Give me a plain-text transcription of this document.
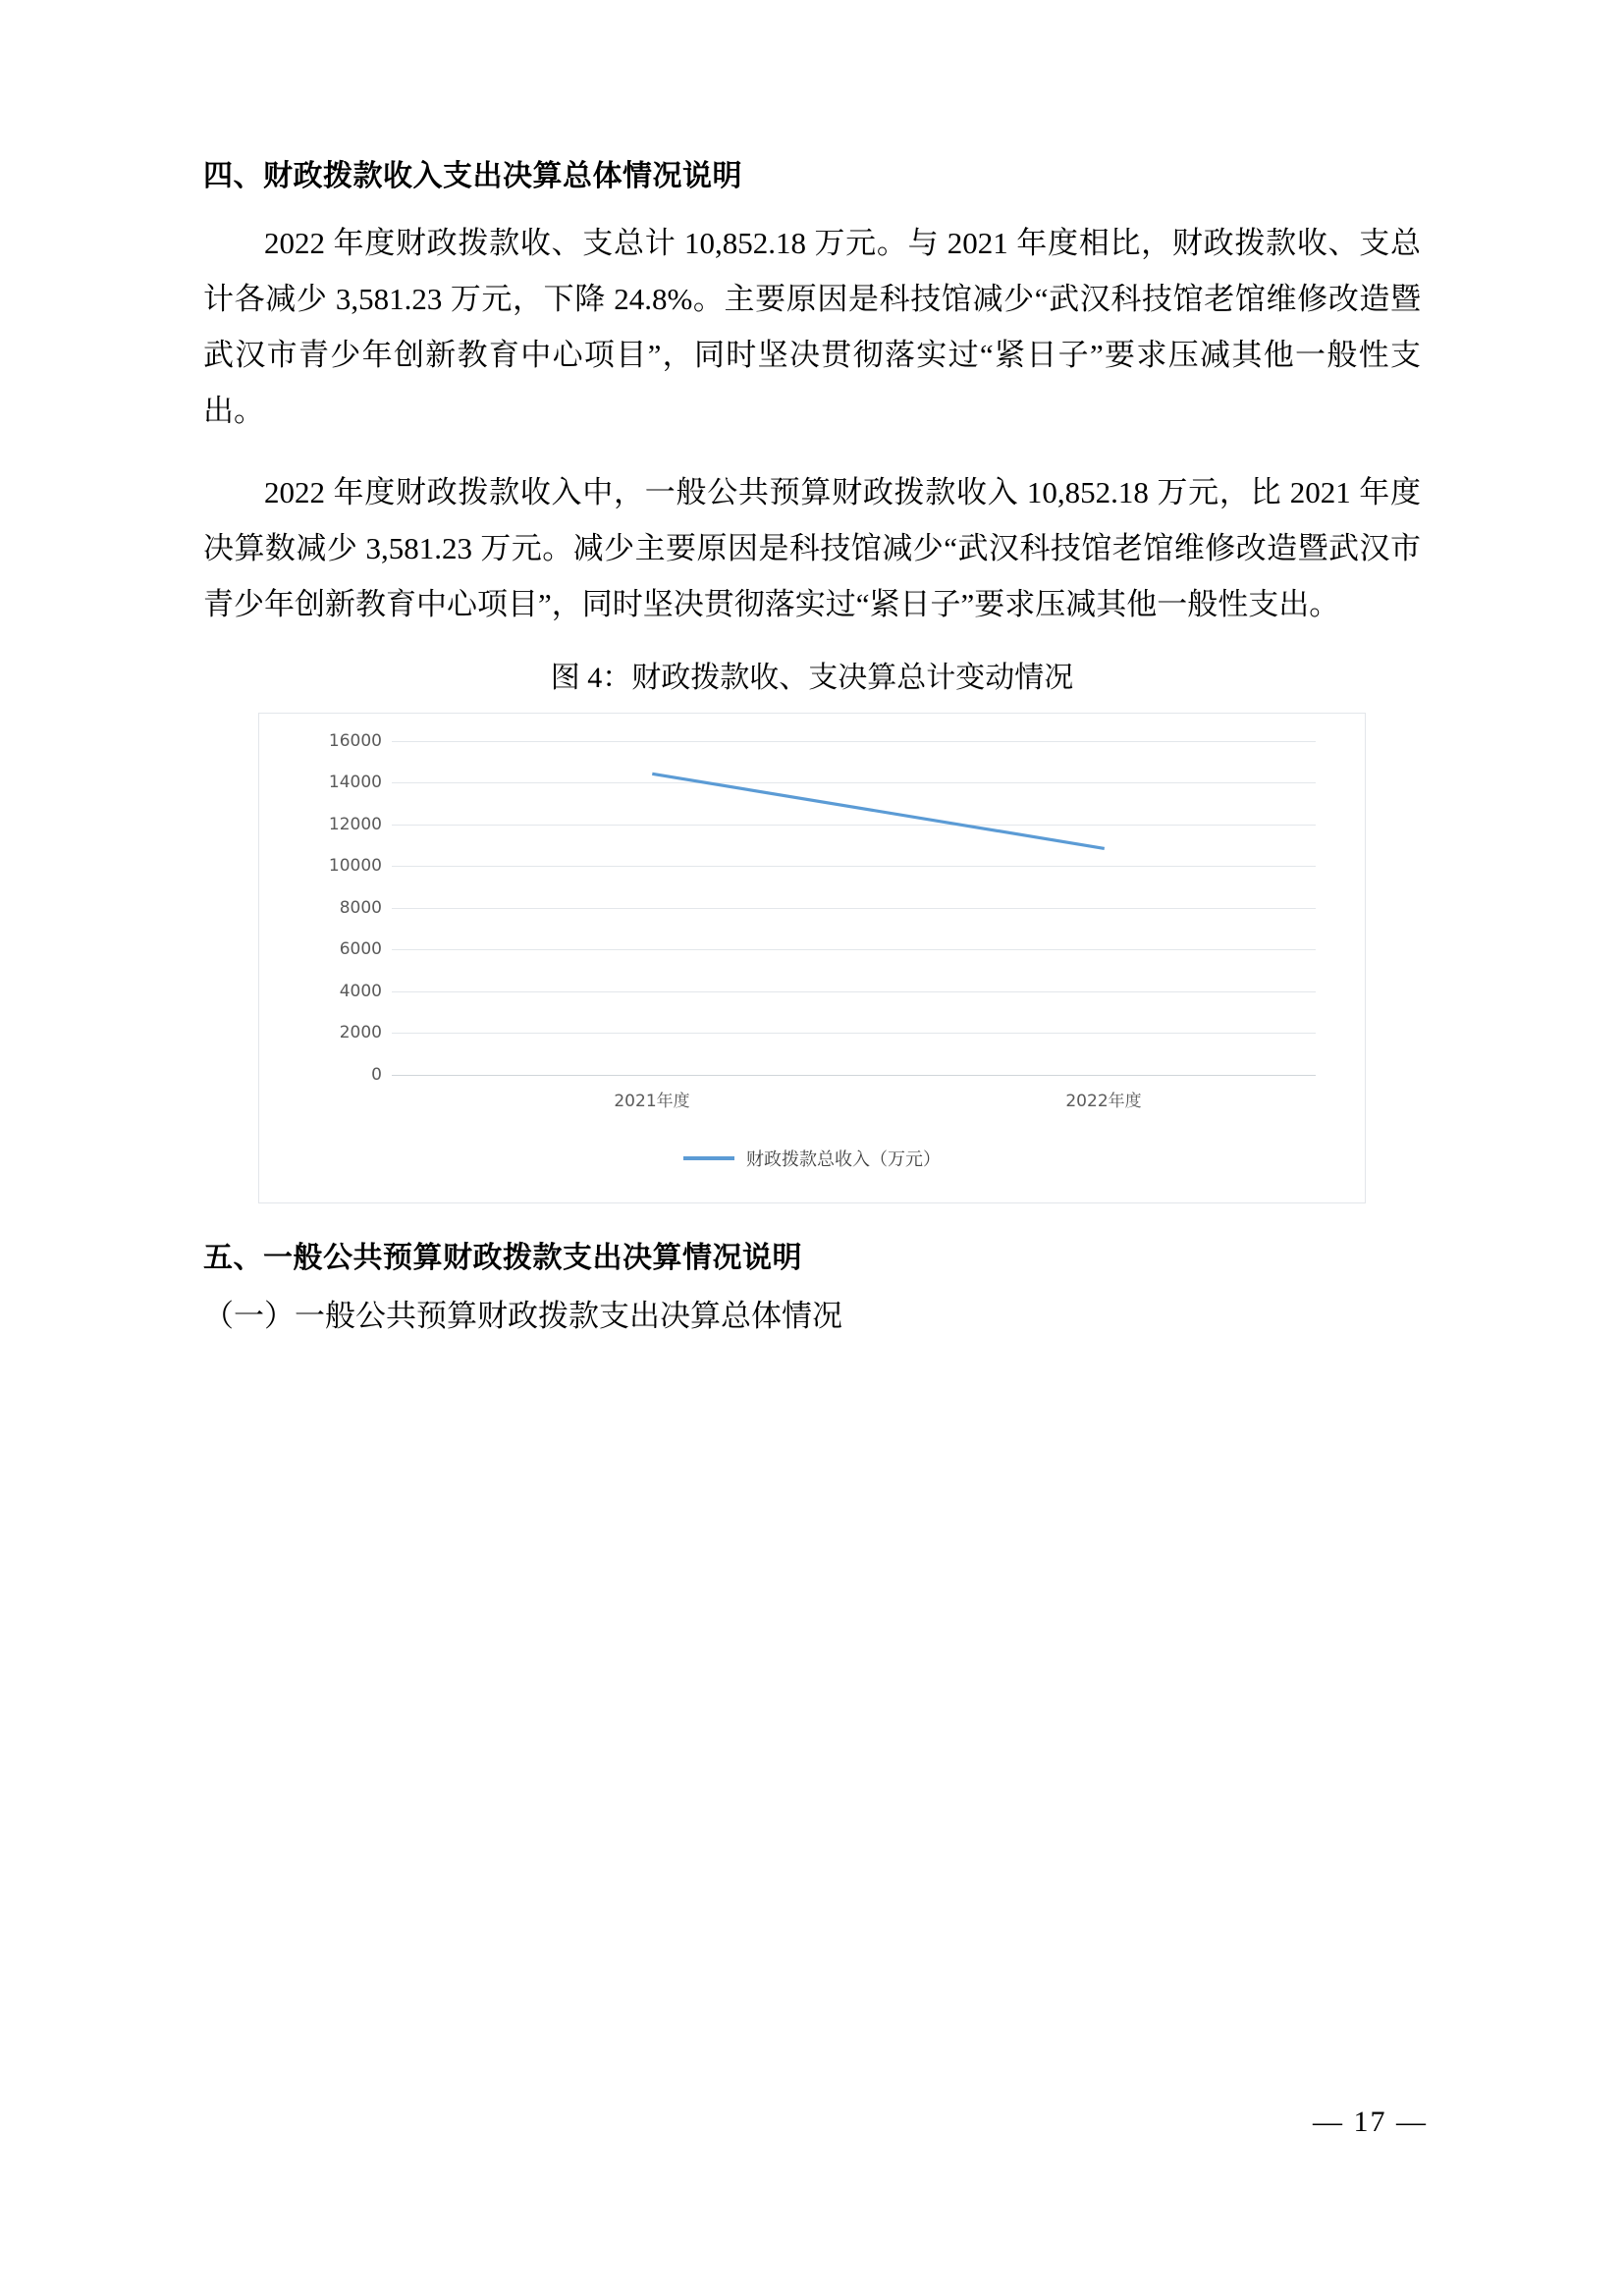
四、财政拨款收入支出决算总体情况说明

2022 年度财政拨款收、支总计 10,852.18 万元。与 2021 年度相比，财政拨款收、支总计各减少 3,581.23 万元，下降 24.8%。主要原因是科技馆减少“武汉科技馆老馆维修改造暨武汉市青少年创新教育中心项目”，同时坚决贯彻落实过“紧日子”要求压减其他一般性支出。

2022 年度财政拨款收入中，一般公共预算财政拨款收入 10,852.18 万元，比 2021 年度决算数减少 3,581.23 万元。减少主要原因是科技馆减少“武汉科技馆老馆维修改造暨武汉市青少年创新教育中心项目”，同时坚决贯彻落实过“紧日子”要求压减其他一般性支出。

图 4：财政拨款收、支决算总计变动情况
16000
14000
12000
10000
8000
6000
4000
2000
0
2021年度	2022年度
财政拨款总收入（万元）
五、一般公共预算财政拨款支出决算情况说明

（一）一般公共预算财政拨款支出决算总体情况

— 17 —
